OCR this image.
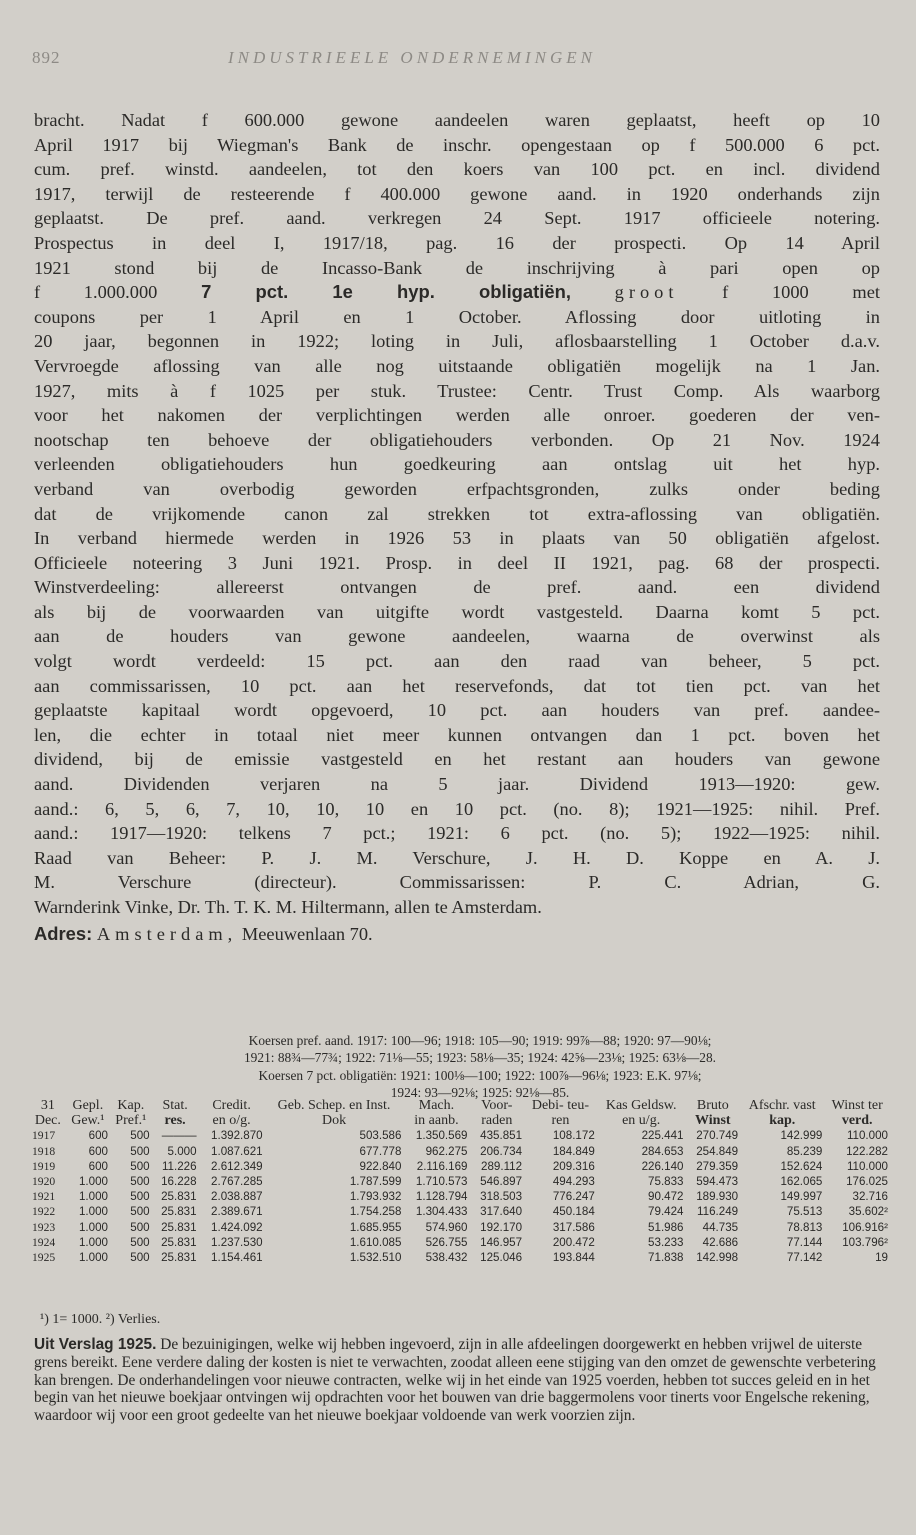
892	INDUSTRIEELE ONDERNEMINGEN
bracht. Nadat f 600.000 gewone aandeelen waren geplaatst, heeft op 10
April 1917 bij Wiegman's Bank de inschr. opengestaan op f 500.000 6 pct.
cum. pref. winstd. aandeelen, tot den koers van 100 pct. en incl. dividend
1917, terwijl de resteerende f 400.000 gewone aand. in 1920 onderhands zijn
geplaatst. De pref. aand. verkregen 24 Sept. 1917 officieele notering.
Prospectus in deel I, 1917/18, pag. 16 der prospecti. Op 14 April
1921 stond bij de Incasso-Bank de inschrijving à pari open op
f 1.000.000 7 pct. 1e hyp. obligatiën, groot f 1000 met
coupons per 1 April en 1 October. Aflossing door uitloting in
20 jaar, begonnen in 1922; loting in Juli, aflosbaarstelling 1 October d.a.v.
Vervroegde aflossing van alle nog uitstaande obligatiën mogelijk na 1 Jan.
1927, mits à f 1025 per stuk. Trustee: Centr. Trust Comp. Als waarborg
voor het nakomen der verplichtingen werden alle onroer. goederen der ven-
nootschap ten behoeve der obligatiehouders verbonden. Op 21 Nov. 1924
verleenden obligatiehouders hun goedkeuring aan ontslag uit het hyp.
verband van overbodig geworden erfpachtsgronden, zulks onder beding
dat de vrijkomende canon zal strekken tot extra-aflossing van obligatiën.
In verband hiermede werden in 1926 53 in plaats van 50 obligatiën afgelost.
Officieele noteering 3 Juni 1921. Prosp. in deel II 1921, pag. 68 der prospecti.
Winstverdeeling: allereerst ontvangen de pref. aand. een dividend
als bij de voorwaarden van uitgifte wordt vastgesteld. Daarna komt 5 pct.
aan de houders van gewone aandeelen, waarna de overwinst als
volgt wordt verdeeld: 15 pct. aan den raad van beheer, 5 pct.
aan commissarissen, 10 pct. aan het reservefonds, dat tot tien pct. van het
geplaatste kapitaal wordt opgevoerd, 10 pct. aan houders van pref. aandee-
len, die echter in totaal niet meer kunnen ontvangen dan 1 pct. boven het
dividend, bij de emissie vastgesteld en het restant aan houders van gewone
aand. Dividenden verjaren na 5 jaar. Dividend 1913—1920: gew.
aand.: 6, 5, 6, 7, 10, 10, 10 en 10 pct. (no. 8); 1921—1925: nihil. Pref.
aand.: 1917—1920: telkens 7 pct.; 1921: 6 pct. (no. 5); 1922—1925: nihil.
Raad van Beheer: P. J. M. Verschure, J. H. D. Koppe en A. J.
M. Verschure (directeur). Commissarissen: P. C. Adrian, G.
Warnderink Vinke, Dr. Th. T. K. M. Hiltermann, allen te Amsterdam.
Adres: Amsterdam, Meeuwenlaan 70.
Koersen pref. aand. 1917: 100—96; 1918: 105—90; 1919: 99⅞—88; 1920: 97—90⅛;
1921: 88¾—77¾; 1922: 71⅛—55; 1923: 58⅛—35; 1924: 42⅝—23⅛; 1925: 63⅛—28.
Koersen 7 pct. obligatiën: 1921: 100⅛—100; 1922: 100⅞—96⅛; 1923: E.K. 97⅛;
1924: 93—92⅛; 1925: 92⅛—85.
31	Gepl.	Kap.	Stat.	Credit.	Geb. Schep. en Inst.	Mach.	Voor-	Debi- teu-	Kas Geldsw.	Bruto	Afschr. vast	Winst ter
Dec.	Gew.¹	Pref.¹	res.	en o/g.	Dok	in aanb.	raden	ren	en u/g.	Winst	kap.	verd.
1917	600	500	———	1.392.870	503.586	1.350.569	435.851	108.172	225.441	270.749	142.999	110.000
1918	600	500	5.000	1.087.621	677.778	962.275	206.734	184.849	284.653	254.849	85.239	122.282
1919	600	500	11.226	2.612.349	922.840	2.116.169	289.112	209.316	226.140	279.359	152.624	110.000
1920	1.000	500	16.228	2.767.285	1.787.599	1.710.573	546.897	494.293	75.833	594.473	162.065	176.025
1921	1.000	500	25.831	2.038.887	1.793.932	1.128.794	318.503	776.247	90.472	189.930	149.997	32.716
1922	1.000	500	25.831	2.389.671	1.754.258	1.304.433	317.640	450.184	79.424	116.249	75.513	35.602²
1923	1.000	500	25.831	1.424.092	1.685.955	574.960	192.170	317.586	51.986	44.735	78.813	106.916²
1924	1.000	500	25.831	1.237.530	1.610.085	526.755	146.957	200.472	53.233	42.686	77.144	103.796²
1925	1.000	500	25.831	1.154.461	1.532.510	538.432	125.046	193.844	71.838	142.998	77.142	19
¹) 1= 1000. ²) Verlies.
Uit Verslag 1925. De bezuinigingen, welke wij hebben ingevoerd, zijn in alle afdeelingen doorgewerkt en hebben vrijwel de uiterste grens bereikt. Eene verdere daling der kosten is niet te verwachten, zoodat alleen eene stijging van den omzet de gewenschte verbetering kan brengen. De onderhandelingen voor nieuwe contracten, welke wij in het einde van 1925 voerden, hebben tot succes geleid en in het begin van het nieuwe boekjaar ontvingen wij opdrachten voor het bouwen van drie baggermolens voor tinerts voor Engelsche rekening, waardoor wij voor een groot gedeelte van het nieuwe boekjaar voldoende van werk voorzien zijn.
